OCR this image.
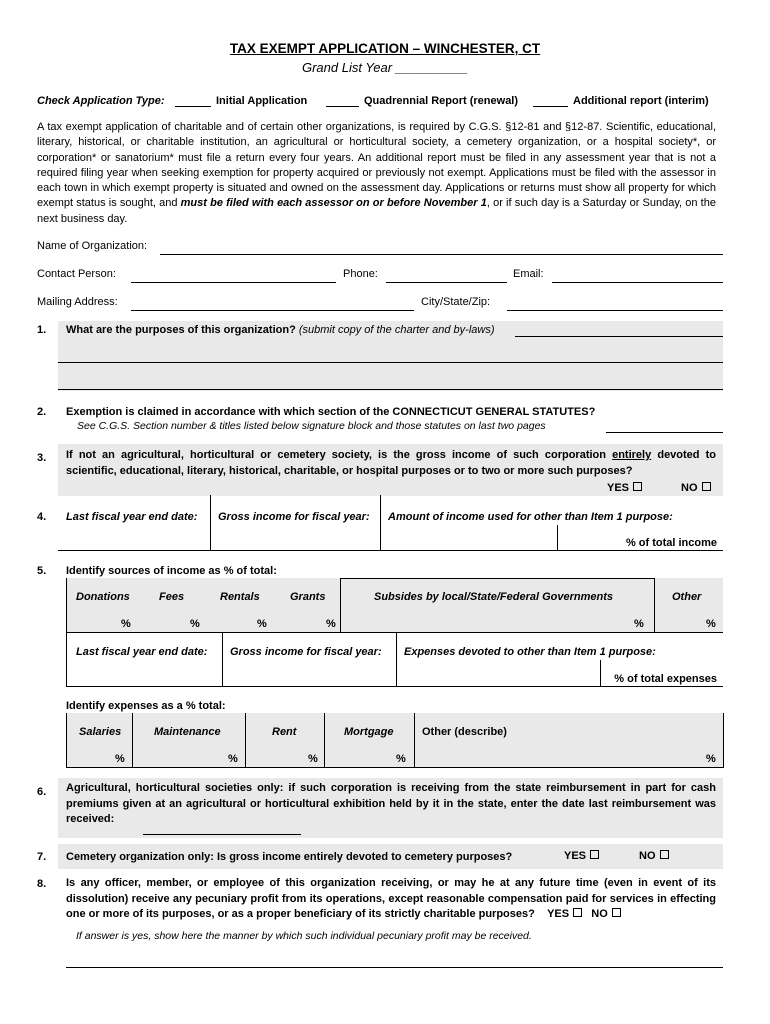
TAX EXEMPT APPLICATION – WINCHESTER, CT
Grand List Year __________
Check Application Type:	Initial Application	Quadrennial Report (renewal)	Additional report (interim)
A tax exempt application of charitable and of certain other organizations, is required by C.G.S. §12-81 and §12-87. Scientific, educational, literary, historical, or charitable institution, an agricultural or horticultural society, a cemetery organization, or a hospital society*, or corporation* or sanatorium* must file a return every four years. An additional report must be filed in any assessment year that is not a required filing year when seeking exemption for property acquired or previously not exempt. Applications must be filed with the assessor in each town in which exempt property is situated and owned on the assessment day. Applications or returns must show all property for which exempt status is sought, and must be filed with each assessor on or before November 1, or if such day is a Saturday or Sunday, on the next business day.
Name of Organization:
Contact Person:	Phone:	Email:
Mailing Address:	City/State/Zip:
1. What are the purposes of this organization? (submit copy of the charter and by-laws)
2. Exemption is claimed in accordance with which section of the CONNECTICUT GENERAL STATUTES?
See C.G.S. Section number & titles listed below signature block and those statutes on last two pages
3. If not an agricultural, horticultural or cemetery society, is the gross income of such corporation entirely devoted to scientific, educational, literary, historical, charitable, or hospital purposes or to two or more such purposes?
YES	NO
4. Last fiscal year end date: Gross income for fiscal year: Amount of income used for other than Item 1 purpose:
% of total income
5. Identify sources of income as % of total:
Donations	Fees	Rentals	Grants	Subsides by local/State/Federal Governments	Other
%	%	%	%	%	%
Last fiscal year end date: Gross income for fiscal year: Expenses devoted to other than Item 1 purpose:
% of total expenses
Identify expenses as a % total:
Salaries	Maintenance	Rent	Mortgage	Other (describe)
%	%	%	%	%
6. Agricultural, horticultural societies only: if such corporation is receiving from the state reimbursement in part for cash premiums given at an agricultural or horticultural exhibition held by it in the state, enter the date last reimbursement was received:
7. Cemetery organization only: Is gross income entirely devoted to cemetery purposes?	YES	NO
8. Is any officer, member, or employee of this organization receiving, or may he at any future time (even in event of its dissolution) receive any pecuniary profit from its operations, except reasonable compensation paid for services in effecting one or more of its purposes, or as a proper beneficiary of its strictly charitable purposes? YES NO
If answer is yes, show here the manner by which such individual pecuniary profit may be received.
